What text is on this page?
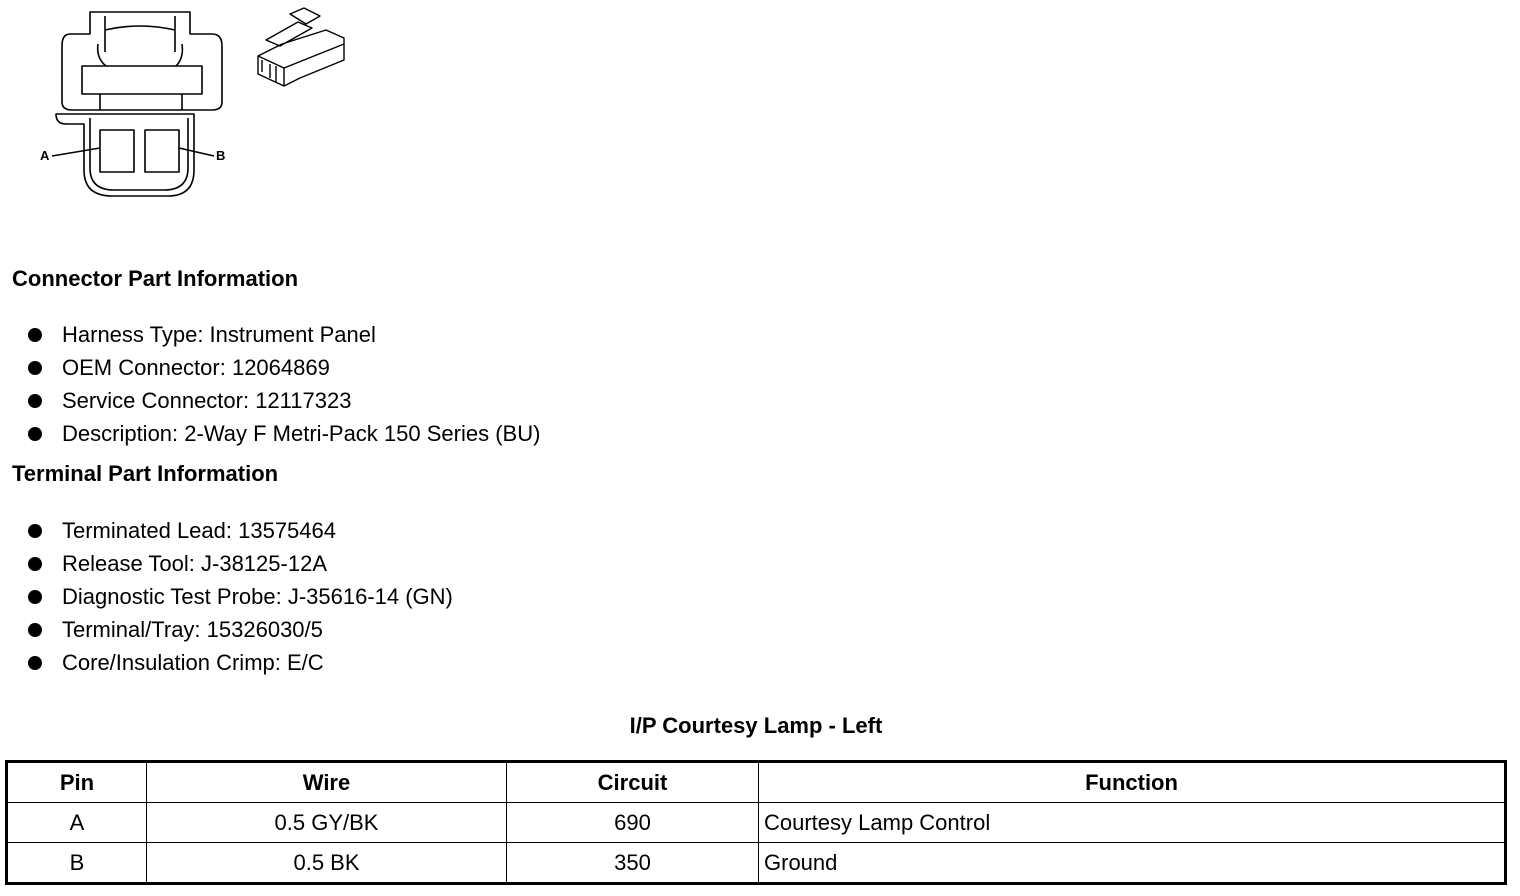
A	B
Connector Part Information
Harness Type: Instrument Panel
OEM Connector: 12064869
Service Connector: 12117323
Description: 2-Way F Metri-Pack 150 Series (BU)
Terminal Part Information
Terminated Lead: 13575464
Release Tool: J-38125-12A
Diagnostic Test Probe: J-35616-14 (GN)
Terminal/Tray: 15326030/5
Core/Insulation Crimp: E/C
I/P Courtesy Lamp - Left
Pin	Wire	Circuit	Function
A	0.5 GY/BK	690	Courtesy Lamp Control
B	0.5 BK	350	Ground
